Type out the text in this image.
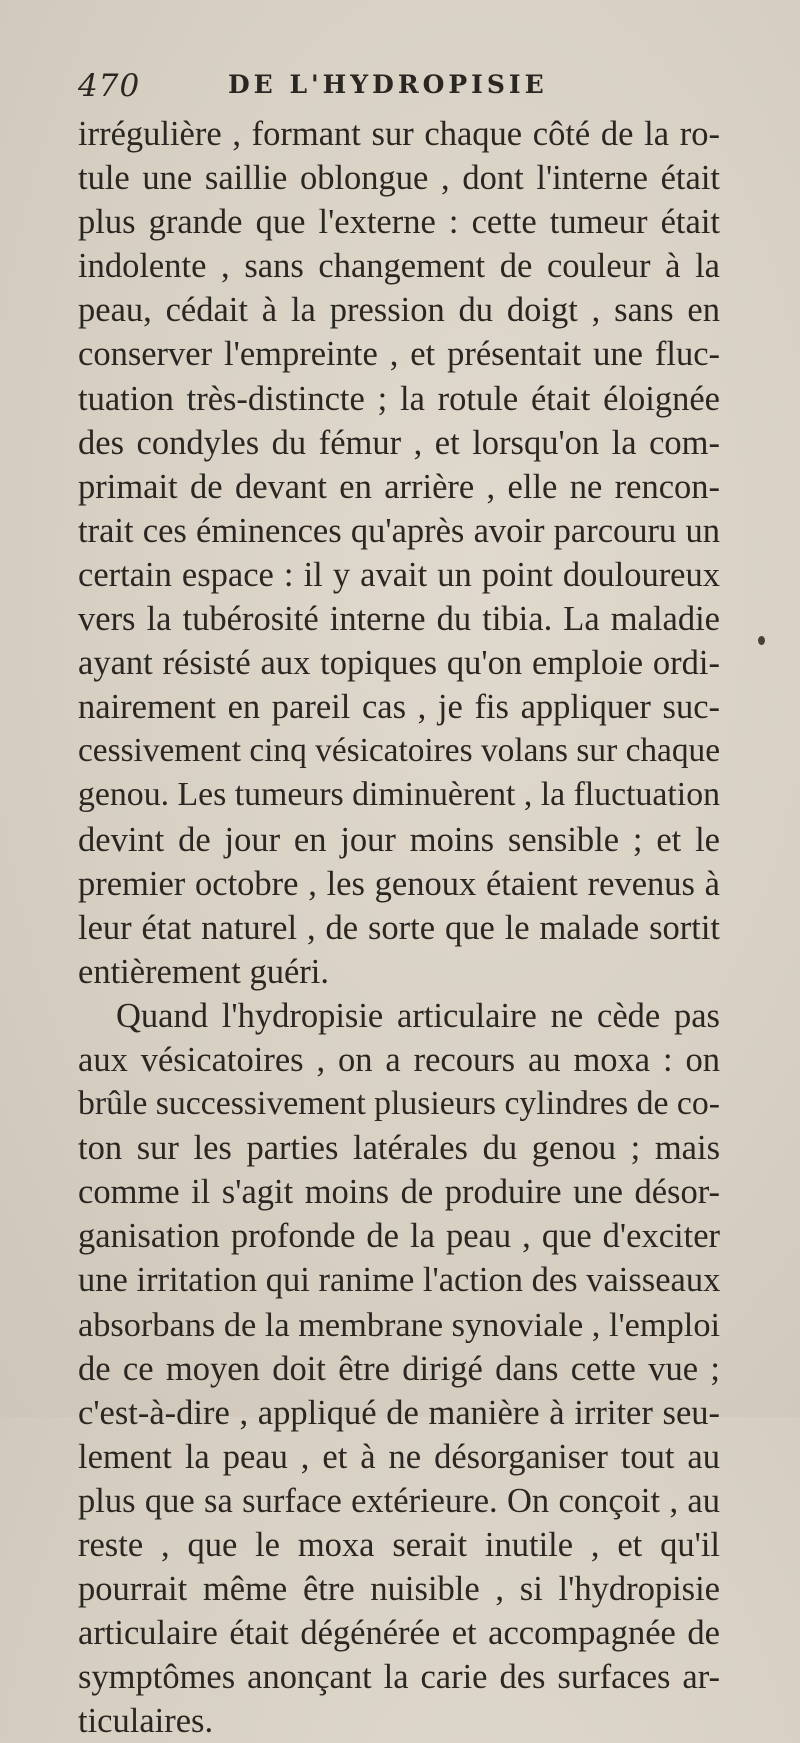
470	DE L'HYDROPISIE
irrégulière , formant sur chaque côté de la ro-
tule une saillie oblongue , dont l'interne était
plus grande que l'externe : cette tumeur était
indolente , sans changement de couleur à la
peau, cédait à la pression du doigt , sans en
conserver l'empreinte , et présentait une fluc-
tuation très-distincte ; la rotule était éloignée
des condyles du fémur , et lorsqu'on la com-
primait de devant en arrière , elle ne rencon-
trait ces éminences qu'après avoir parcouru un
certain espace : il y avait un point douloureux
vers la tubérosité interne du tibia. La maladie
ayant résisté aux topiques qu'on emploie ordi-
nairement en pareil cas , je fis appliquer suc-
cessivement cinq vésicatoires volans sur chaque
genou. Les tumeurs diminuèrent , la fluctuation
devint de jour en jour moins sensible ; et le
premier octobre , les genoux étaient revenus à
leur état naturel , de sorte que le malade sortit
entièrement guéri.
Quand l'hydropisie articulaire ne cède pas
aux vésicatoires , on a recours au moxa : on
brûle successivement plusieurs cylindres de co-
ton sur les parties latérales du genou ; mais
comme il s'agit moins de produire une désor-
ganisation profonde de la peau , que d'exciter
une irritation qui ranime l'action des vaisseaux
absorbans de la membrane synoviale , l'emploi
de ce moyen doit être dirigé dans cette vue ;
c'est-à-dire , appliqué de manière à irriter seu-
lement la peau , et à ne désorganiser tout au
plus que sa surface extérieure. On conçoit , au
reste , que le moxa serait inutile , et qu'il
pourrait même être nuisible , si l'hydropisie
articulaire était dégénérée et accompagnée de
symptômes anonçant la carie des surfaces ar-
ticulaires.
